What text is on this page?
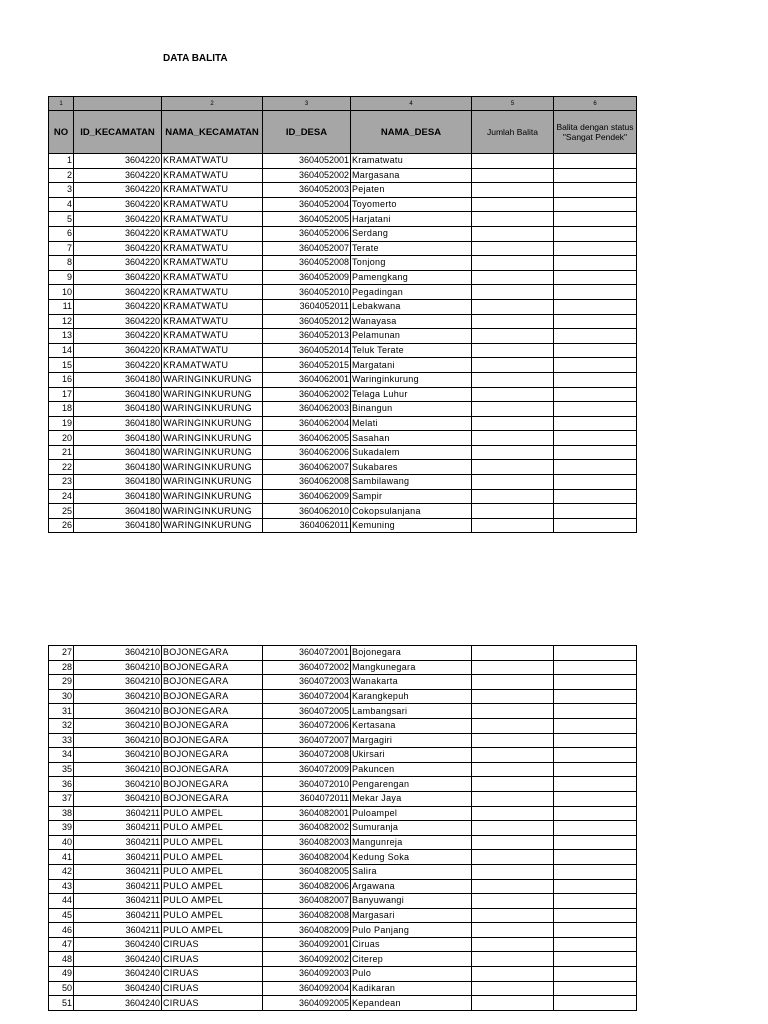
DATA BALITA
1		2	3	4	5	6
NO	ID_KECAMATAN	NAMA_KECAMATAN	ID_DESA	NAMA_DESA	Jumlah Balita	Balita dengan status "Sangat Pendek"
1	3604220	KRAMATWATU	3604052001	Kramatwatu		
2	3604220	KRAMATWATU	3604052002	Margasana		
3	3604220	KRAMATWATU	3604052003	Pejaten		
4	3604220	KRAMATWATU	3604052004	Toyomerto		
5	3604220	KRAMATWATU	3604052005	Harjatani		
6	3604220	KRAMATWATU	3604052006	Serdang		
7	3604220	KRAMATWATU	3604052007	Terate		
8	3604220	KRAMATWATU	3604052008	Tonjong		
9	3604220	KRAMATWATU	3604052009	Pamengkang		
10	3604220	KRAMATWATU	3604052010	Pegadingan		
11	3604220	KRAMATWATU	3604052011	Lebakwana		
12	3604220	KRAMATWATU	3604052012	Wanayasa		
13	3604220	KRAMATWATU	3604052013	Pelamunan		
14	3604220	KRAMATWATU	3604052014	Teluk Terate		
15	3604220	KRAMATWATU	3604052015	Margatani		
16	3604180	WARINGINKURUNG	3604062001	Waringinkurung		
17	3604180	WARINGINKURUNG	3604062002	Telaga Luhur		
18	3604180	WARINGINKURUNG	3604062003	Binangun		
19	3604180	WARINGINKURUNG	3604062004	Melati		
20	3604180	WARINGINKURUNG	3604062005	Sasahan		
21	3604180	WARINGINKURUNG	3604062006	Sukadalem		
22	3604180	WARINGINKURUNG	3604062007	Sukabares		
23	3604180	WARINGINKURUNG	3604062008	Sambilawang		
24	3604180	WARINGINKURUNG	3604062009	Sampir		
25	3604180	WARINGINKURUNG	3604062010	Cokopsulanjana		
26	3604180	WARINGINKURUNG	3604062011	Kemuning		
27	3604210	BOJONEGARA	3604072001	Bojonegara		
28	3604210	BOJONEGARA	3604072002	Mangkunegara		
29	3604210	BOJONEGARA	3604072003	Wanakarta		
30	3604210	BOJONEGARA	3604072004	Karangkepuh		
31	3604210	BOJONEGARA	3604072005	Lambangsari		
32	3604210	BOJONEGARA	3604072006	Kertasana		
33	3604210	BOJONEGARA	3604072007	Margagiri		
34	3604210	BOJONEGARA	3604072008	Ukirsari		
35	3604210	BOJONEGARA	3604072009	Pakuncen		
36	3604210	BOJONEGARA	3604072010	Pengarengan		
37	3604210	BOJONEGARA	3604072011	Mekar Jaya		
38	3604211	PULO AMPEL	3604082001	Puloampel		
39	3604211	PULO AMPEL	3604082002	Sumuranja		
40	3604211	PULO AMPEL	3604082003	Mangunreja		
41	3604211	PULO AMPEL	3604082004	Kedung Soka		
42	3604211	PULO AMPEL	3604082005	Salira		
43	3604211	PULO AMPEL	3604082006	Argawana		
44	3604211	PULO AMPEL	3604082007	Banyuwangi		
45	3604211	PULO AMPEL	3604082008	Margasari		
46	3604211	PULO AMPEL	3604082009	Pulo Panjang		
47	3604240	CIRUAS	3604092001	Ciruas		
48	3604240	CIRUAS	3604092002	Citerep		
49	3604240	CIRUAS	3604092003	Pulo		
50	3604240	CIRUAS	3604092004	Kadikaran		
51	3604240	CIRUAS	3604092005	Kepandean		
